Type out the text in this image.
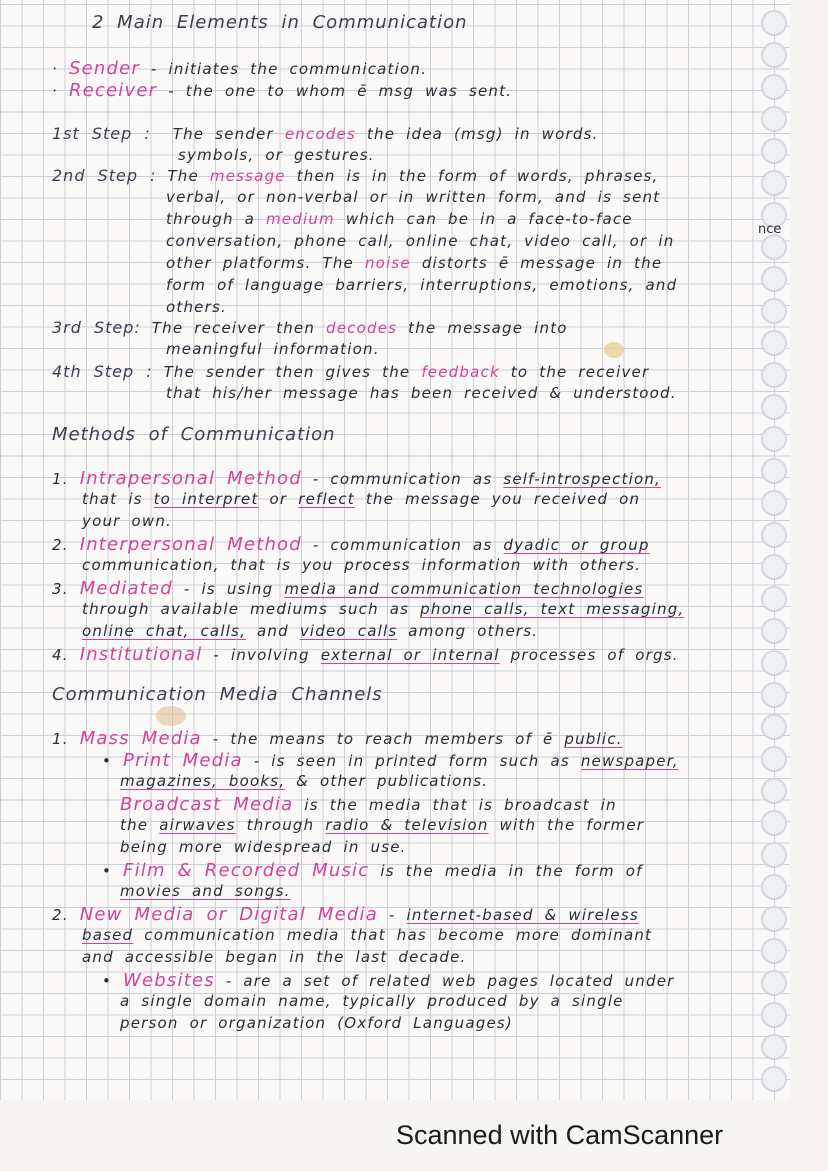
2 Main Elements in Communication
· Sender - initiates the communication.
· Receiver - the one to whom ē msg was sent.
1st Step : The sender encodes the idea (msg) in words.
symbols, or gestures.
2nd Step : The message then is in the form of words, phrases,
verbal, or non-verbal or in written form, and is sent
through a medium which can be in a face-to-face
conversation, phone call, online chat, video call, or in
other platforms. The noise distorts ē message in the
form of language barriers, interruptions, emotions, and
others.
nce
3rd Step: The receiver then decodes the message into
meaningful information.
4th Step : The sender then gives the feedback to the receiver
that his/her message has been received & understood.
Methods of Communication
1. Intrapersonal Method - communication as self-introspection,
that is to interpret or reflect the message you received on
your own.
2. Interpersonal Method - communication as dyadic or group
communication, that is you process information with others.
3. Mediated - is using media and communication technologies
through available mediums such as phone calls, text messaging,
online chat, calls, and video calls among others.
4. Institutional - involving external or internal processes of orgs.
Communication Media Channels
1. Mass Media - the means to reach members of ē public.
• Print Media - is seen in printed form such as newspaper,
magazines, books, & other publications.
Broadcast Media is the media that is broadcast in
the airwaves through radio & television with the former
being more widespread in use.
• Film & Recorded Music is the media in the form of
movies and songs.
2. New Media or Digital Media - internet-based & wireless
based communication media that has become more dominant
and accessible began in the last decade.
• Websites - are a set of related web pages located under
a single domain name, typically produced by a single
person or organization (Oxford Languages)
Scanned with CamScanner
